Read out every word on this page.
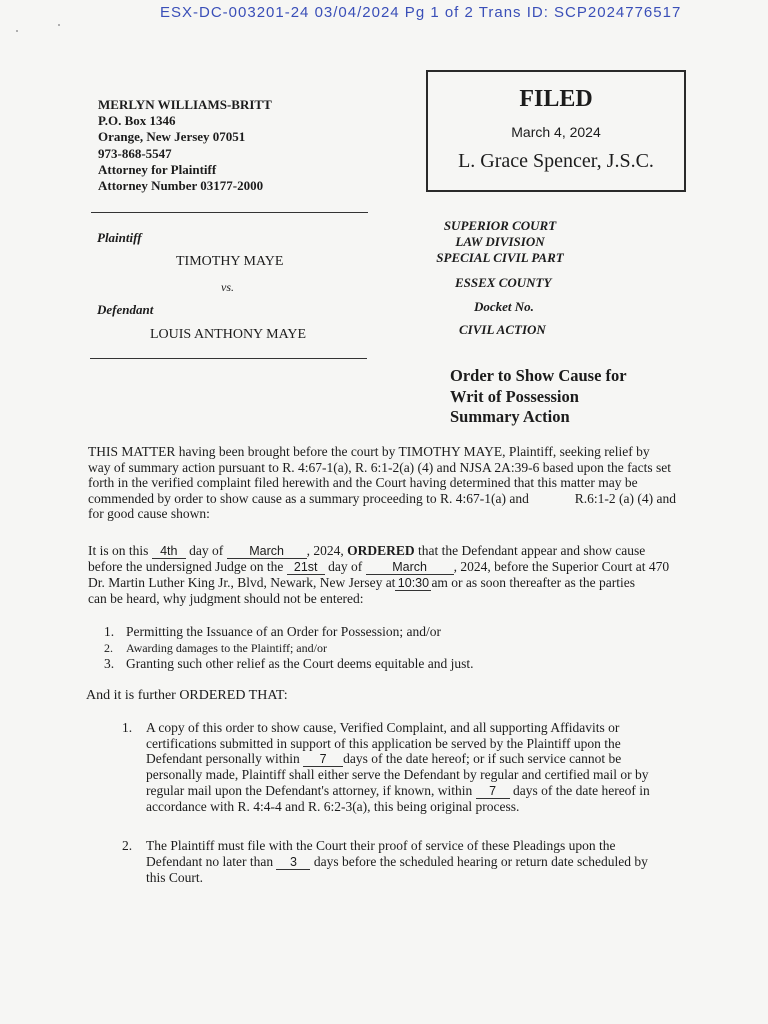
ESX-DC-003201-24 03/04/2024 Pg 1 of 2 Trans ID: SCP2024776517
FILED
March 4, 2024
L. Grace Spencer, J.S.C.
MERLYN WILLIAMS-BRITT
P.O. Box 1346
Orange, New Jersey 07051
973-868-5547
Attorney for Plaintiff
Attorney Number 03177-2000
Plaintiff
TIMOTHY MAYE
vs.
Defendant
LOUIS ANTHONY MAYE
SUPERIOR COURT
LAW DIVISION
SPECIAL CIVIL PART
ESSEX COUNTY
Docket No.
CIVIL ACTION
Order to Show Cause for
Writ of Possession
Summary Action
THIS MATTER having been brought before the court by TIMOTHY MAYE, Plaintiff, seeking relief by
way of summary action pursuant to R. 4:67-1(a), R. 6:1-2(a) (4) and NJSA 2A:39-6 based upon the facts set
forth in the verified complaint filed herewith and the Court having determined that this matter may be
commended by order to show cause as a summary proceeding to R. 4:67-1(a) and	R.6:1-2 (a) (4) and
for good cause shown:
It is on this 4th day of March , 2024, ORDERED that the Defendant appear and show cause
before the undersigned Judge on the 21st day of March , 2024, before the Superior Court at 470
Dr. Martin Luther King Jr., Blvd, Newark, New Jersey at 10:30 am or as soon thereafter as the parties
can be heard, why judgment should not be entered:
1. Permitting the Issuance of an Order for Possession; and/or
2. Awarding damages to the Plaintiff; and/or
3. Granting such other relief as the Court deems equitable and just.
And it is further ORDERED THAT:
1. A copy of this order to show cause, Verified Complaint, and all supporting Affidavits or
certifications submitted in support of this application be served by the Plaintiff upon the
Defendant personally within 7 days of the date hereof; or if such service cannot be
personally made, Plaintiff shall either serve the Defendant by regular and certified mail or by
regular mail upon the Defendant's attorney, if known, within 7 days of the date hereof in
accordance with R. 4:4-4 and R. 6:2-3(a), this being original process.
2. The Plaintiff must file with the Court their proof of service of these Pleadings upon the
Defendant no later than 3 days before the scheduled hearing or return date scheduled by
this Court.
